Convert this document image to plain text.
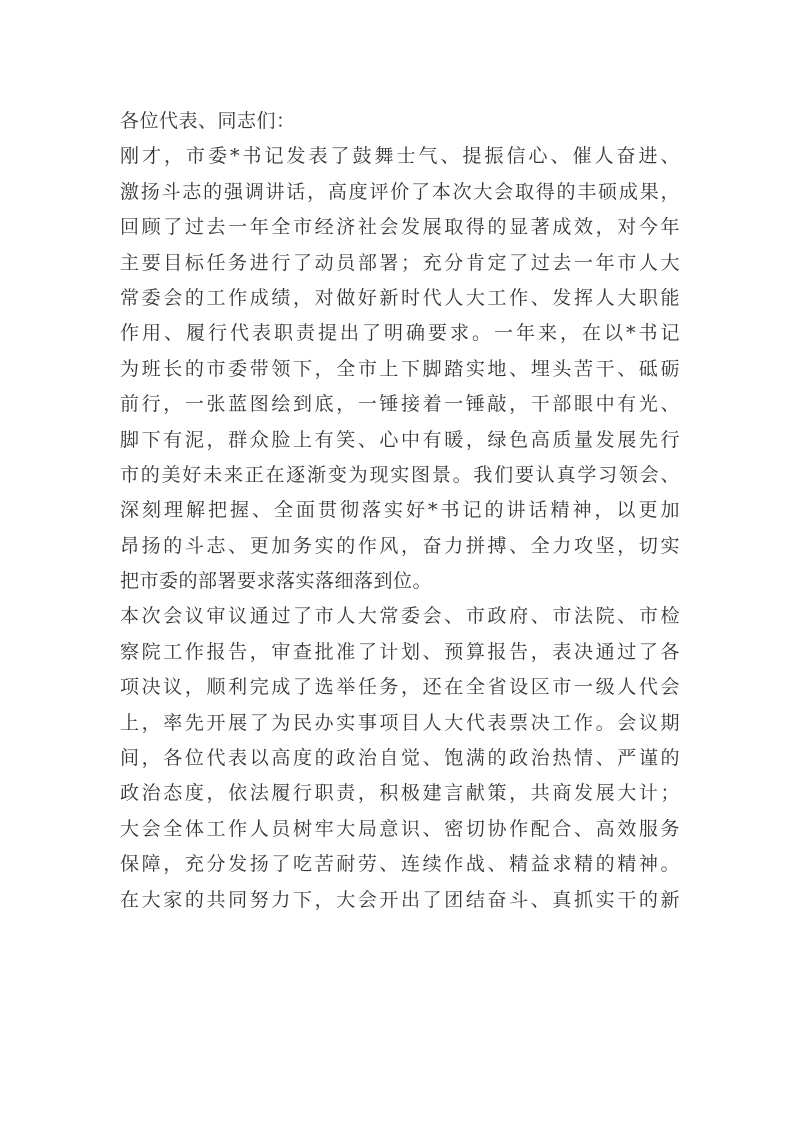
各位代表、同志们：
刚才，市委*书记发表了鼓舞士气、提振信心、催人奋进、
激扬斗志的强调讲话，高度评价了本次大会取得的丰硕成果，
回顾了过去一年全市经济社会发展取得的显著成效，对今年
主要目标任务进行了动员部署；充分肯定了过去一年市人大
常委会的工作成绩，对做好新时代人大工作、发挥人大职能
作用、履行代表职责提出了明确要求。一年来，在以*书记
为班长的市委带领下，全市上下脚踏实地、埋头苦干、砥砺
前行，一张蓝图绘到底，一锤接着一锤敲，干部眼中有光、
脚下有泥，群众脸上有笑、心中有暖，绿色高质量发展先行
市的美好未来正在逐渐变为现实图景。我们要认真学习领会、
深刻理解把握、全面贯彻落实好*书记的讲话精神，以更加
昂扬的斗志、更加务实的作风，奋力拼搏、全力攻坚，切实
把市委的部署要求落实落细落到位。
本次会议审议通过了市人大常委会、市政府、市法院、市检
察院工作报告，审查批准了计划、预算报告，表决通过了各
项决议，顺利完成了选举任务，还在全省设区市一级人代会
上，率先开展了为民办实事项目人大代表票决工作。会议期
间，各位代表以高度的政治自觉、饱满的政治热情、严谨的
政治态度，依法履行职责，积极建言献策，共商发展大计；
大会全体工作人员树牢大局意识、密切协作配合、高效服务
保障，充分发扬了吃苦耐劳、连续作战、精益求精的精神。
在大家的共同努力下，大会开出了团结奋斗、真抓实干的新
